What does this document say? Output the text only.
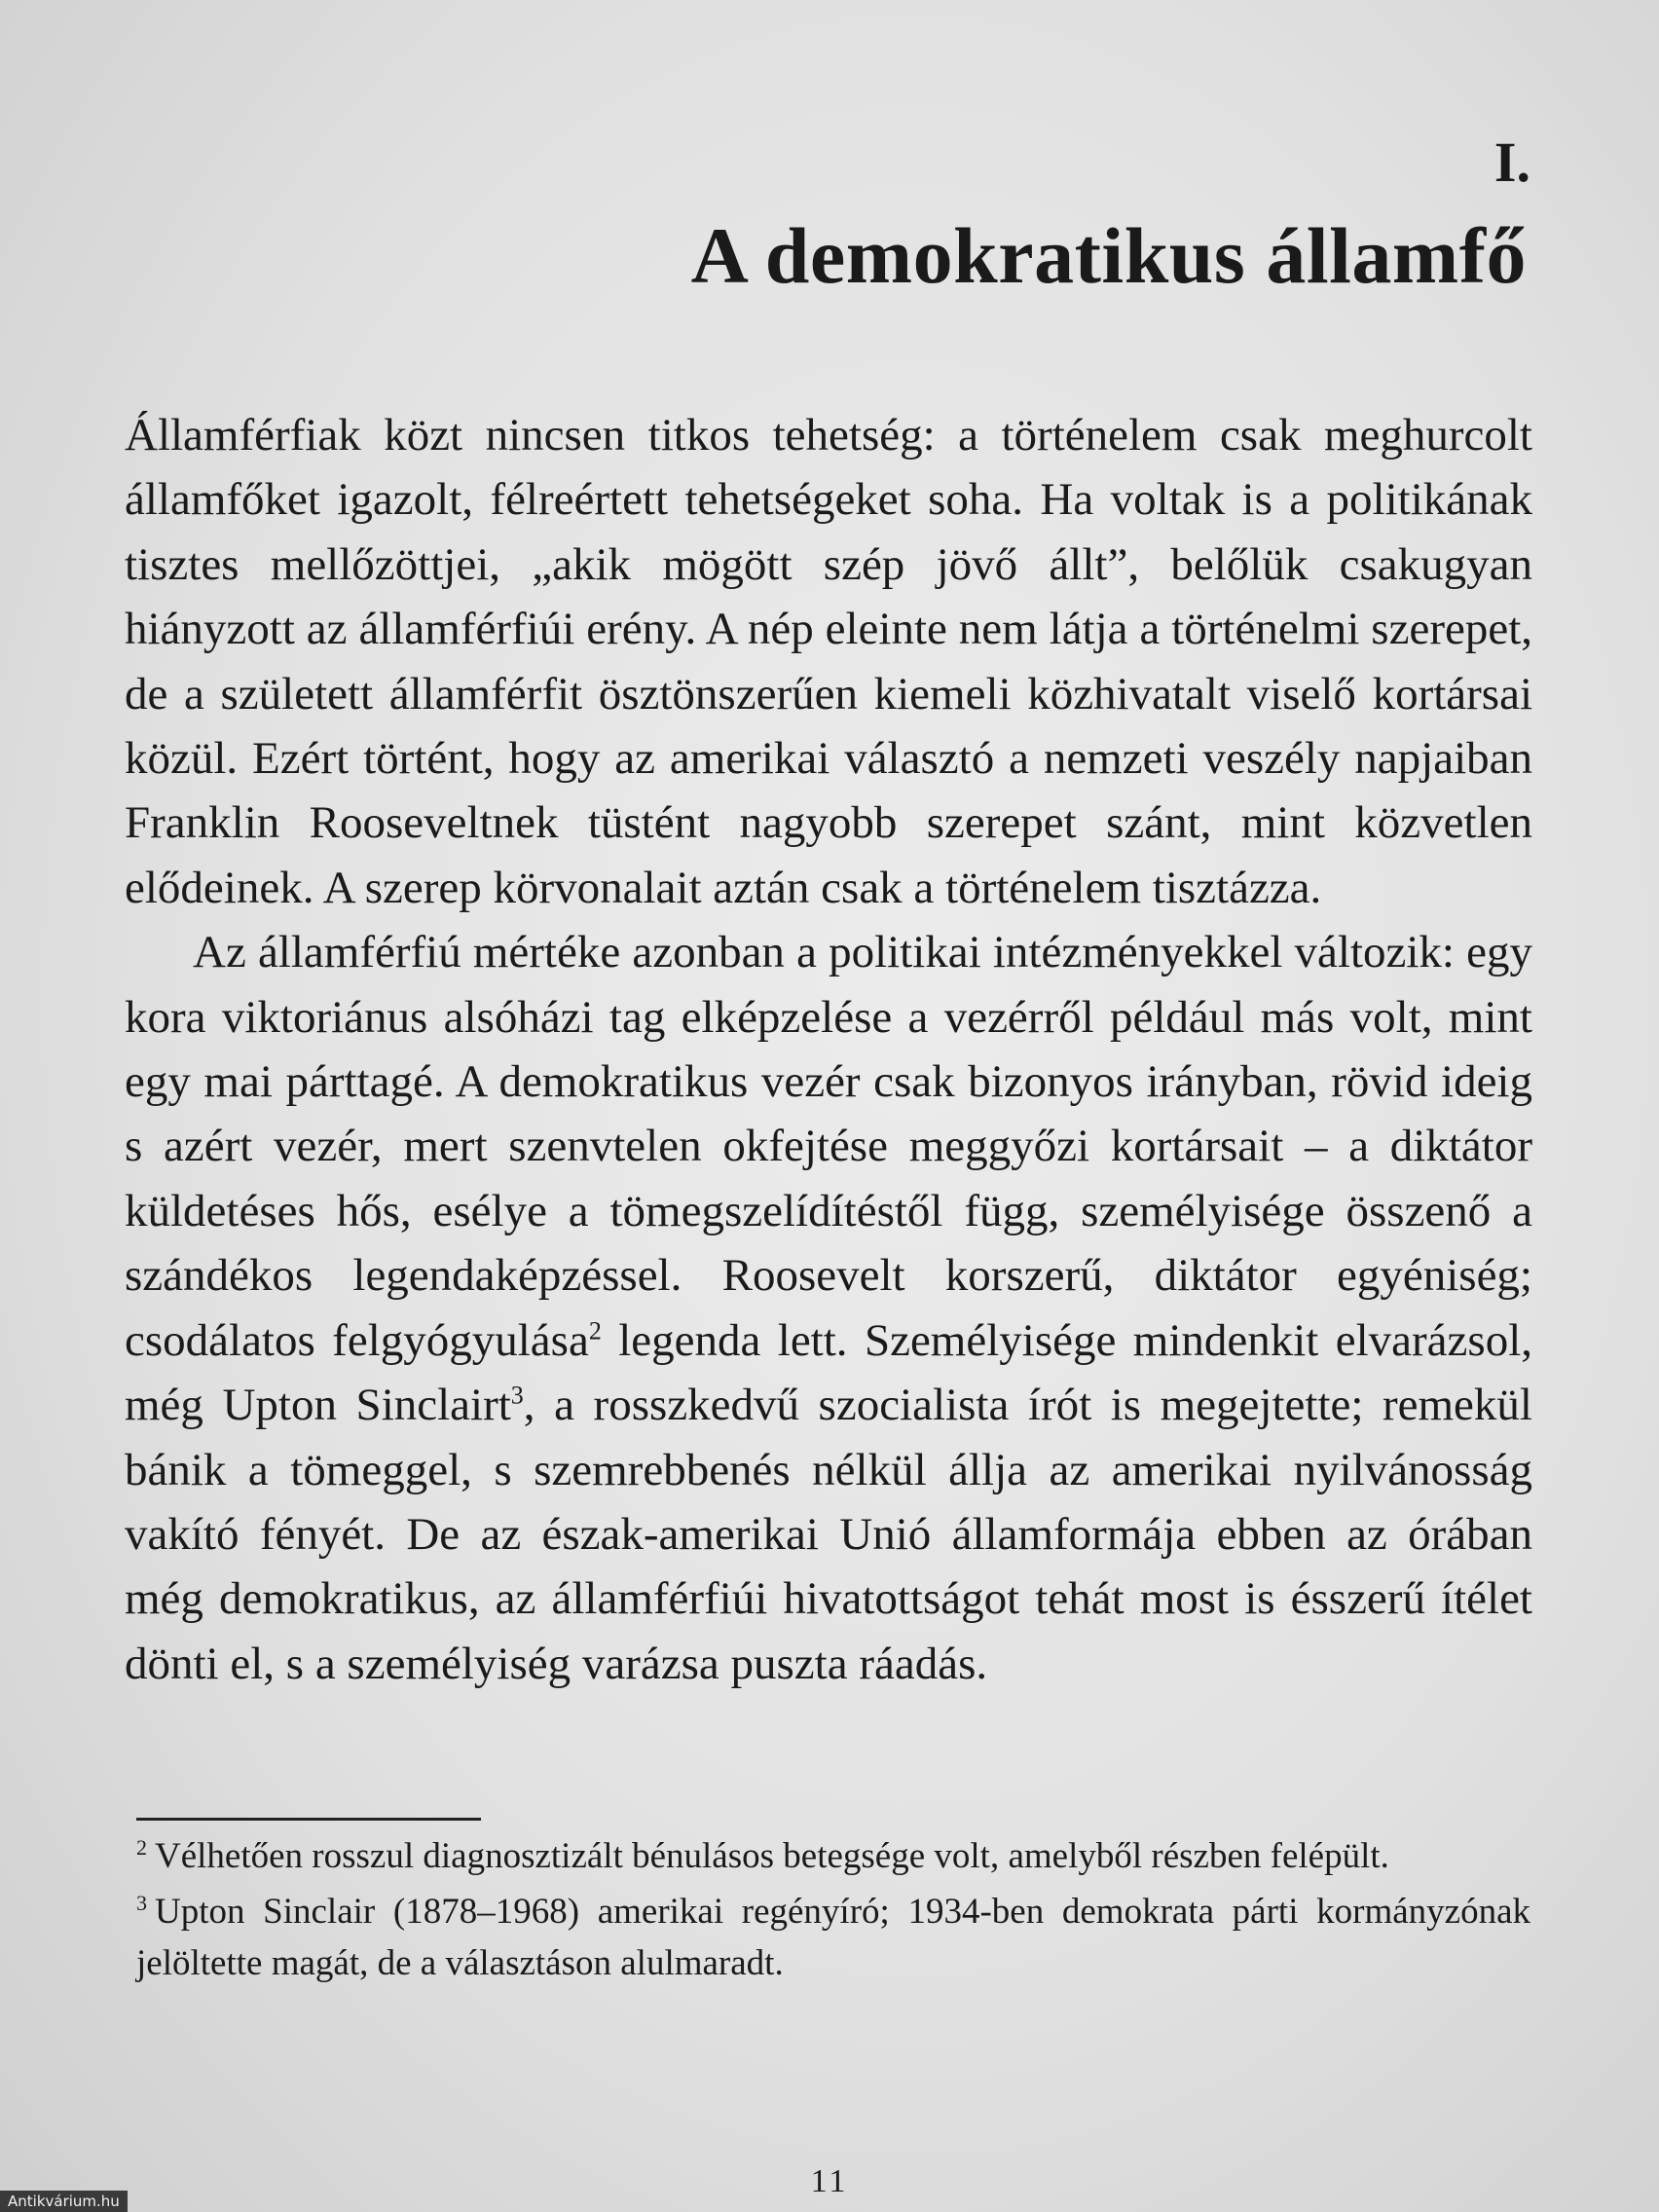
I.
A demokratikus államfő

Államférfiak közt nincsen titkos tehetség: a történelem csak meghurcolt államfőket igazolt, félreértett tehetségeket soha. Ha voltak is a politikának tisztes mellőzöttjei, „akik mögött szép jövő állt”, belőlük csakugyan hiányzott az államférfiúi erény. A nép eleinte nem látja a történelmi szerepet, de a született államférfit ösztönszerűen kiemeli közhivatalt viselő kortársai közül. Ezért történt, hogy az amerikai választó a nemzeti veszély napjaiban Franklin Rooseveltnek tüstént nagyobb szerepet szánt, mint közvetlen elődeinek. A szerep körvonalait aztán csak a történelem tisztázza.

Az államférfiú mértéke azonban a politikai intézményekkel változik: egy kora viktoriánus alsóházi tag elképzelése a vezérről például más volt, mint egy mai párttagé. A demokratikus vezér csak bizonyos irányban, rövid ideig s azért vezér, mert szenvtelen okfejtése meggyőzi kortársait – a diktátor küldetéses hős, esélye a tömegszelídítéstől függ, személyisége összenő a szándékos legendaképzéssel. Roosevelt korszerű, diktátor egyéniség; csodálatos felgyógyulása$^2$ legenda lett. Személyisége mindenkit elvarázsol, még Upton Sinclairt$^3$, a rosszkedvű szocialista írót is megejtette; remekül bánik a tömeggel, s szemrebbenés nélkül állja az amerikai nyilvánosság vakító fényét. De az észak-amerikai Unió államformája ebben az órában még demokratikus, az államférfiúi hivatottságot tehát most is ésszerű ítélet dönti el, s a személyiség varázsa puszta ráadás.

$^2$ Vélhetően rosszul diagnosztizált bénulásos betegsége volt, amelyből részben felépült.

$^3$ Upton Sinclair (1878–1968) amerikai regényíró; 1934-ben demokrata párti kormányzónak jelöltette magát, de a választáson alulmaradt.

11
Antikvárium.hu
